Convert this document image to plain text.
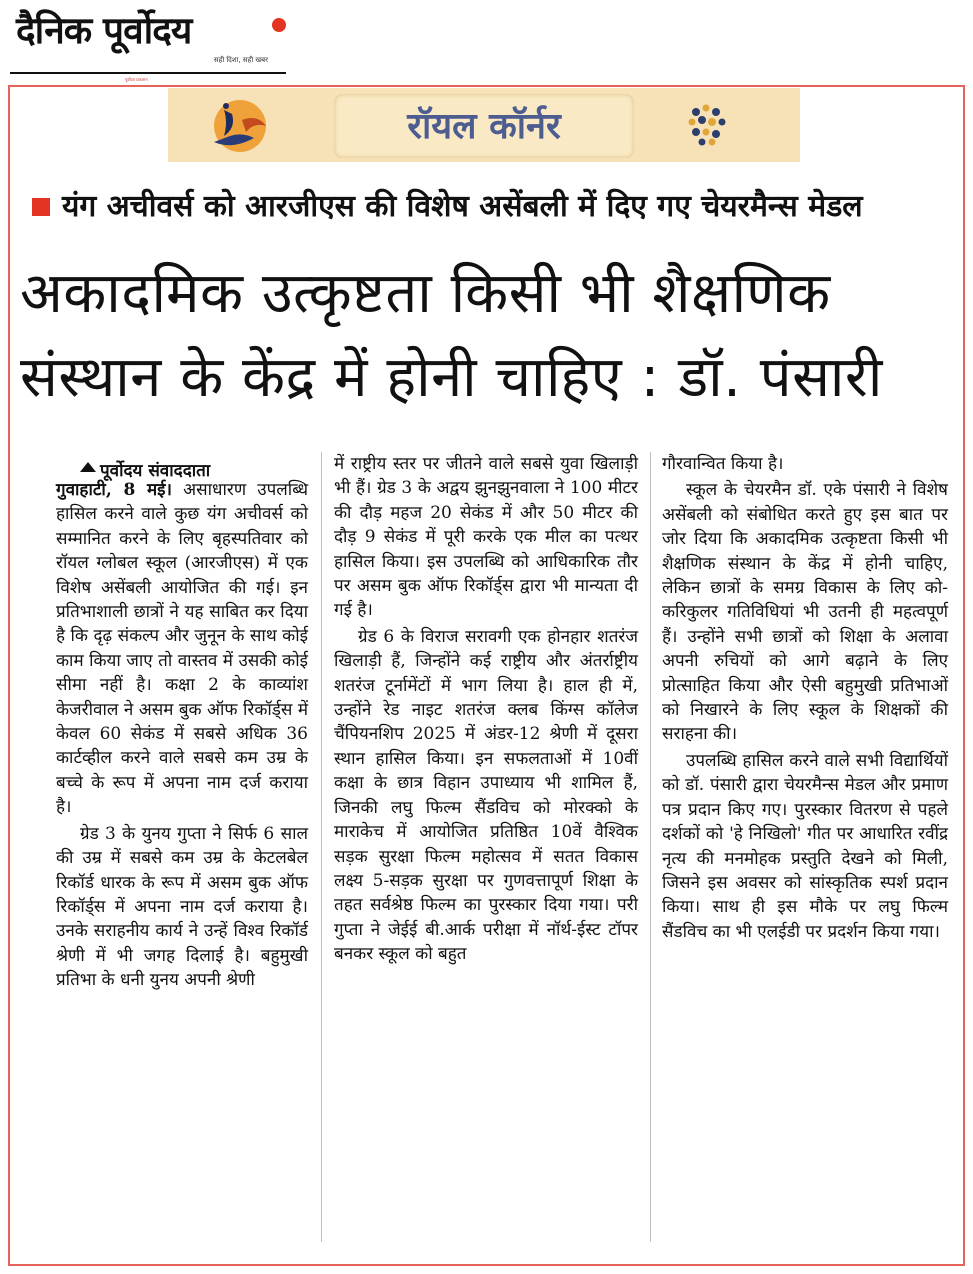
दैनिक पूर्वोदय
सही दिशा, सही खबर
पूर्वोदय प्रकाशन
रॉयल कॉर्नर
यंग अचीवर्स को आरजीएस की विशेष असेंबली में दिए गए चेयरमैन्स मेडल
अकादमिक उत्कृष्टता किसी भी शैक्षणिक
संस्थान के केंद्र में होनी चाहिए : डॉ. पंसारी

गुवाहाटी, 8 मई। असाधारण उपलब्धि हासिल करने वाले कुछ यंग अचीवर्स को सम्मानित करने के लिए बृहस्पतिवार को रॉयल ग्लोबल स्कूल (आरजीएस) में एक विशेष असेंबली आयोजित की गई। इन प्रतिभाशाली छात्रों ने यह साबित कर दिया है कि दृढ़ संकल्प और जुनून के साथ कोई काम किया जाए तो वास्तव में उसकी कोई सीमा नहीं है। कक्षा 2 के काव्यांश केजरीवाल ने असम बुक ऑफ रिकॉर्ड्स में केवल 60 सेकंड में सबसे अधिक 36 कार्टव्हील करने वाले सबसे कम उम्र के बच्चे के रूप में अपना नाम दर्ज कराया है।

ग्रेड 3 के युनय गुप्ता ने सिर्फ 6 साल की उम्र में सबसे कम उम्र के केटलबेल रिकॉर्ड धारक के रूप में असम बुक ऑफ रिकॉर्ड्स में अपना नाम दर्ज कराया है। उनके सराहनीय कार्य ने उन्हें विश्व रिकॉर्ड श्रेणी में भी जगह दिलाई है। बहुमुखी प्रतिभा के धनी युनय अपनी श्रेणी

पूर्वोदय संवाददाता	में राष्ट्रीय स्तर पर जीतने वाले सबसे युवा खिलाड़ी भी हैं। ग्रेड 3 के अद्वय झुनझुनवाला ने 100 मीटर की दौड़ महज 20 सेकंड में और 50 मीटर की दौड़ 9 सेकंड में पूरी करके एक मील का पत्थर हासिल किया। इस उपलब्धि को आधिकारिक तौर पर असम बुक ऑफ रिकॉर्ड्स द्वारा भी मान्यता दी गई है।

ग्रेड 6 के विराज सरावगी एक होनहार शतरंज खिलाड़ी हैं, जिन्होंने कई राष्ट्रीय और अंतर्राष्ट्रीय शतरंज टूर्नामेंटों में भाग लिया है। हाल ही में, उन्होंने रेड नाइट शतरंज क्लब किंग्स कॉलेज चैंपियनशिप 2025 में अंडर-12 श्रेणी में दूसरा स्थान हासिल किया। इन सफलताओं में 10वीं कक्षा के छात्र विहान उपाध्याय भी शामिल हैं, जिनकी लघु फिल्म सैंडविच को मोरक्को के माराकेच में आयोजित प्रतिष्ठित 10वें वैश्विक सड़क सुरक्षा फिल्म महोत्सव में सतत विकास लक्ष्य 5-सड़क सुरक्षा पर गुणवत्तापूर्ण शिक्षा के तहत सर्वश्रेष्ठ फिल्म का पुरस्कार दिया गया। परी गुप्ता ने जेईई बी.आर्क परीक्षा में नॉर्थ-ईस्ट टॉपर बनकर स्कूल को बहुत

गौरवान्वित किया है।

स्कूल के चेयरमैन डॉ. एके पंसारी ने विशेष असेंबली को संबोधित करते हुए इस बात पर जोर दिया कि अकादमिक उत्कृष्टता किसी भी शैक्षणिक संस्थान के केंद्र में होनी चाहिए, लेकिन छात्रों के समग्र विकास के लिए को-करिकुलर गतिविधियां भी उतनी ही महत्वपूर्ण हैं। उन्होंने सभी छात्रों को शिक्षा के अलावा अपनी रुचियों को आगे बढ़ाने के लिए प्रोत्साहित किया और ऐसी बहुमुखी प्रतिभाओं को निखारने के लिए स्कूल के शिक्षकों की सराहना की।

उपलब्धि हासिल करने वाले सभी विद्यार्थियों को डॉ. पंसारी द्वारा चेयरमैन्स मेडल और प्रमाण पत्र प्रदान किए गए। पुरस्कार वितरण से पहले दर्शकों को 'हे निखिलो' गीत पर आधारित रवींद्र नृत्य की मनमोहक प्रस्तुति देखने को मिली, जिसने इस अवसर को सांस्कृतिक स्पर्श प्रदान किया। साथ ही इस मौके पर लघु फिल्म सैंडविच का भी एलईडी पर प्रदर्शन किया गया।
